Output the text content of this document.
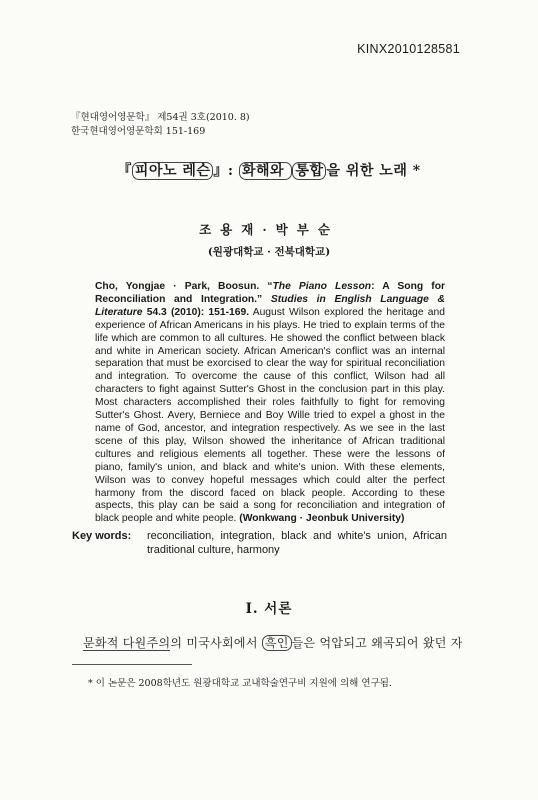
KINX2010128581
『현대영어영문학』 제54권 3호(2010. 8)
한국현대영어영문학회 151-169
『 피아노 레슨 』: 화해와 통합 을 위한 노래 *
조용재·박부순
(원광대학교 · 전북대학교)
Cho, Yongjae · Park, Boosun. “The Piano Lesson: A Song for Reconciliation and Integration.” Studies in English Language & Literature 54.3 (2010): 151-169. August Wilson explored the heritage and experience of African Americans in his plays. He tried to explain terms of the life which are common to all cultures. He showed the conflict between black and white in American society. African American's conflict was an internal separation that must be exorcised to clear the way for spiritual reconciliation and integration. To overcome the cause of this conflict, Wilson had all characters to fight against Sutter's Ghost in the conclusion part in this play. Most characters accomplished their roles faithfully to fight for removing Sutter's Ghost. Avery, Berniece and Boy Wille tried to expel a ghost in the name of God, ancestor, and integration respectively. As we see in the last scene of this play, Wilson showed the inheritance of African traditional cultures and religious elements all together. These were the lessons of piano, family's union, and black and white's union. With these elements, Wilson was to convey hopeful messages which could alter the perfect harmony from the discord faced on black people. According to these aspects, this play can be said a song for reconciliation and integration of black people and white people. (Wonkwang · Jeonbuk University)
Key words: reconciliation, integration, black and white's union, African traditional culture, harmony
I. 서론
문화적 다원주의의 미국사회에서 흑인 들은 억압되고 왜곡되어 왔던 자
* 이 논문은 2008학년도 원광대학교 교내학술연구비 지원에 의해 연구됨.
